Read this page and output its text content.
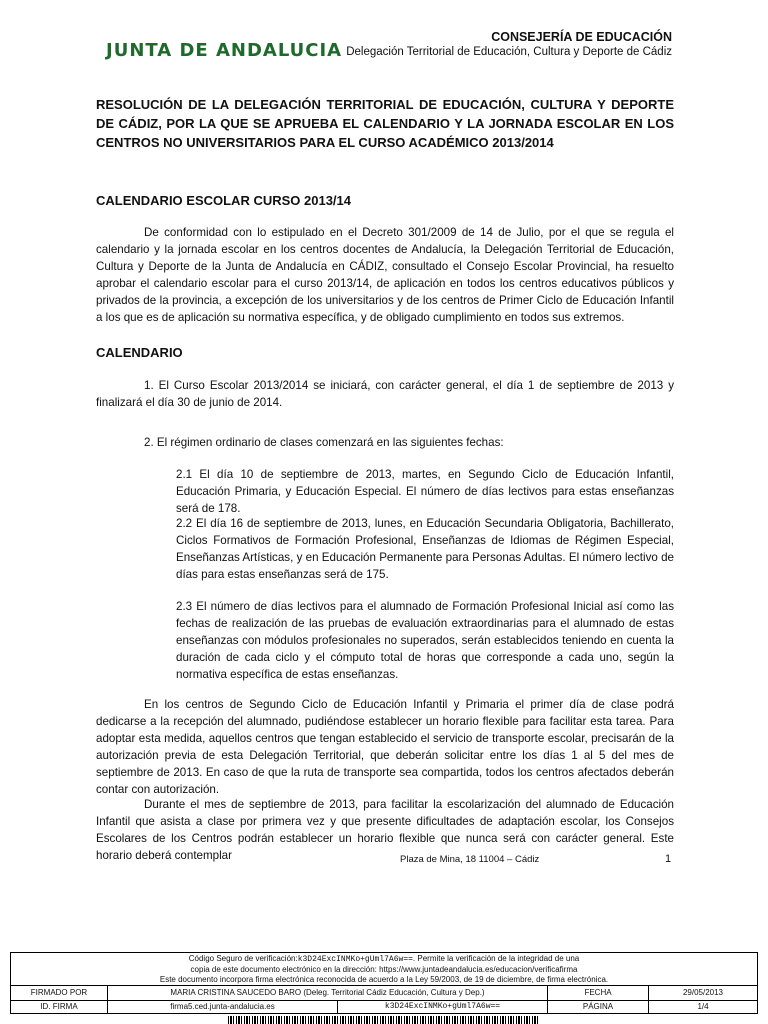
JUNTA DE ANDALUCIA
CONSEJERÍA DE EDUCACIÓN
Delegación Territorial de Educación, Cultura y Deporte de Cádiz
RESOLUCIÓN DE LA DELEGACIÓN TERRITORIAL DE EDUCACIÓN, CULTURA Y DEPORTE DE CÁDIZ, POR LA QUE SE APRUEBA EL CALENDARIO Y LA JORNADA ESCOLAR EN LOS CENTROS NO UNIVERSITARIOS PARA EL CURSO ACADÉMICO 2013/2014
CALENDARIO ESCOLAR CURSO 2013/14
De conformidad con lo estipulado en el Decreto 301/2009 de 14 de Julio, por el que se regula el calendario y la jornada escolar en los centros docentes de Andalucía, la Delegación Territorial de Educación, Cultura y Deporte de la Junta de Andalucía en CÁDIZ, consultado el Consejo Escolar Provincial, ha resuelto aprobar el calendario escolar para el curso 2013/14, de aplicación en todos los centros educativos públicos y privados de la provincia, a excepción de los universitarios y de los centros de Primer Ciclo de Educación Infantil a los que es de aplicación su normativa específica, y de obligado cumplimiento en todos sus extremos.
CALENDARIO
1. El Curso Escolar 2013/2014 se iniciará, con carácter general, el día 1 de septiembre de 2013 y finalizará el día 30 de junio de 2014.
2. El régimen ordinario de clases comenzará en las siguientes fechas:
2.1 El día 10 de septiembre de 2013, martes, en Segundo Ciclo de Educación Infantil, Educación Primaria, y Educación Especial. El número de días lectivos para estas enseñanzas será de 178.
2.2 El día 16 de septiembre de 2013, lunes, en Educación Secundaria Obligatoria, Bachillerato, Ciclos Formativos de Formación Profesional, Enseñanzas de Idiomas de Régimen Especial, Enseñanzas Artísticas, y en Educación Permanente para Personas Adultas. El número lectivo de días para estas enseñanzas será de 175.
2.3 El número de días lectivos para el alumnado de Formación Profesional Inicial así como las fechas de realización de las pruebas de evaluación extraordinarias para el alumnado de estas enseñanzas con módulos profesionales no superados, serán establecidos teniendo en cuenta la duración de cada ciclo y el cómputo total de horas que corresponde a cada uno, según la normativa específica de estas enseñanzas.
En los centros de Segundo Ciclo de Educación Infantil y Primaria el primer día de clase podrá dedicarse a la recepción del alumnado, pudiéndose establecer un horario flexible para facilitar esta tarea. Para adoptar esta medida, aquellos centros que tengan establecido el servicio de transporte escolar, precisarán de la autorización previa de esta Delegación Territorial, que deberán solicitar entre los días 1 al 5 del mes de septiembre de 2013. En caso de que la ruta de transporte sea compartida, todos los centros afectados deberán contar con autorización.
Durante el mes de septiembre de 2013, para facilitar la escolarización del alumnado de Educación Infantil que asista a clase por primera vez y que presente dificultades de adaptación escolar, los Consejos Escolares de los Centros podrán establecer un horario flexible que nunca será con carácter general. Este horario deberá contemplar	Plaza de Mina, 18 11004 – Cádiz	1
Código Seguro de verificación:k3D24ExcINMKo+gUml7A6w==. Permite la verificación de la integridad de una
copia de este documento electrónico en la dirección: https://www.juntadeandalucia.es/educacion/verificafirma
Este documento incorpora firma electrónica reconocida de acuerdo a la Ley 59/2003, de 19 de diciembre, de firma electrónica.
FIRMADO POR	MARIA CRISTINA SAUCEDO BARO (Deleg. Territorial Cádiz Educación, Cultura y Dep.)	FECHA	29/05/2013
ID. FIRMA	firma5.ced.junta-andalucia.es	k3D24ExcINMKo+gUml7A6w==	PÁGINA	1/4
